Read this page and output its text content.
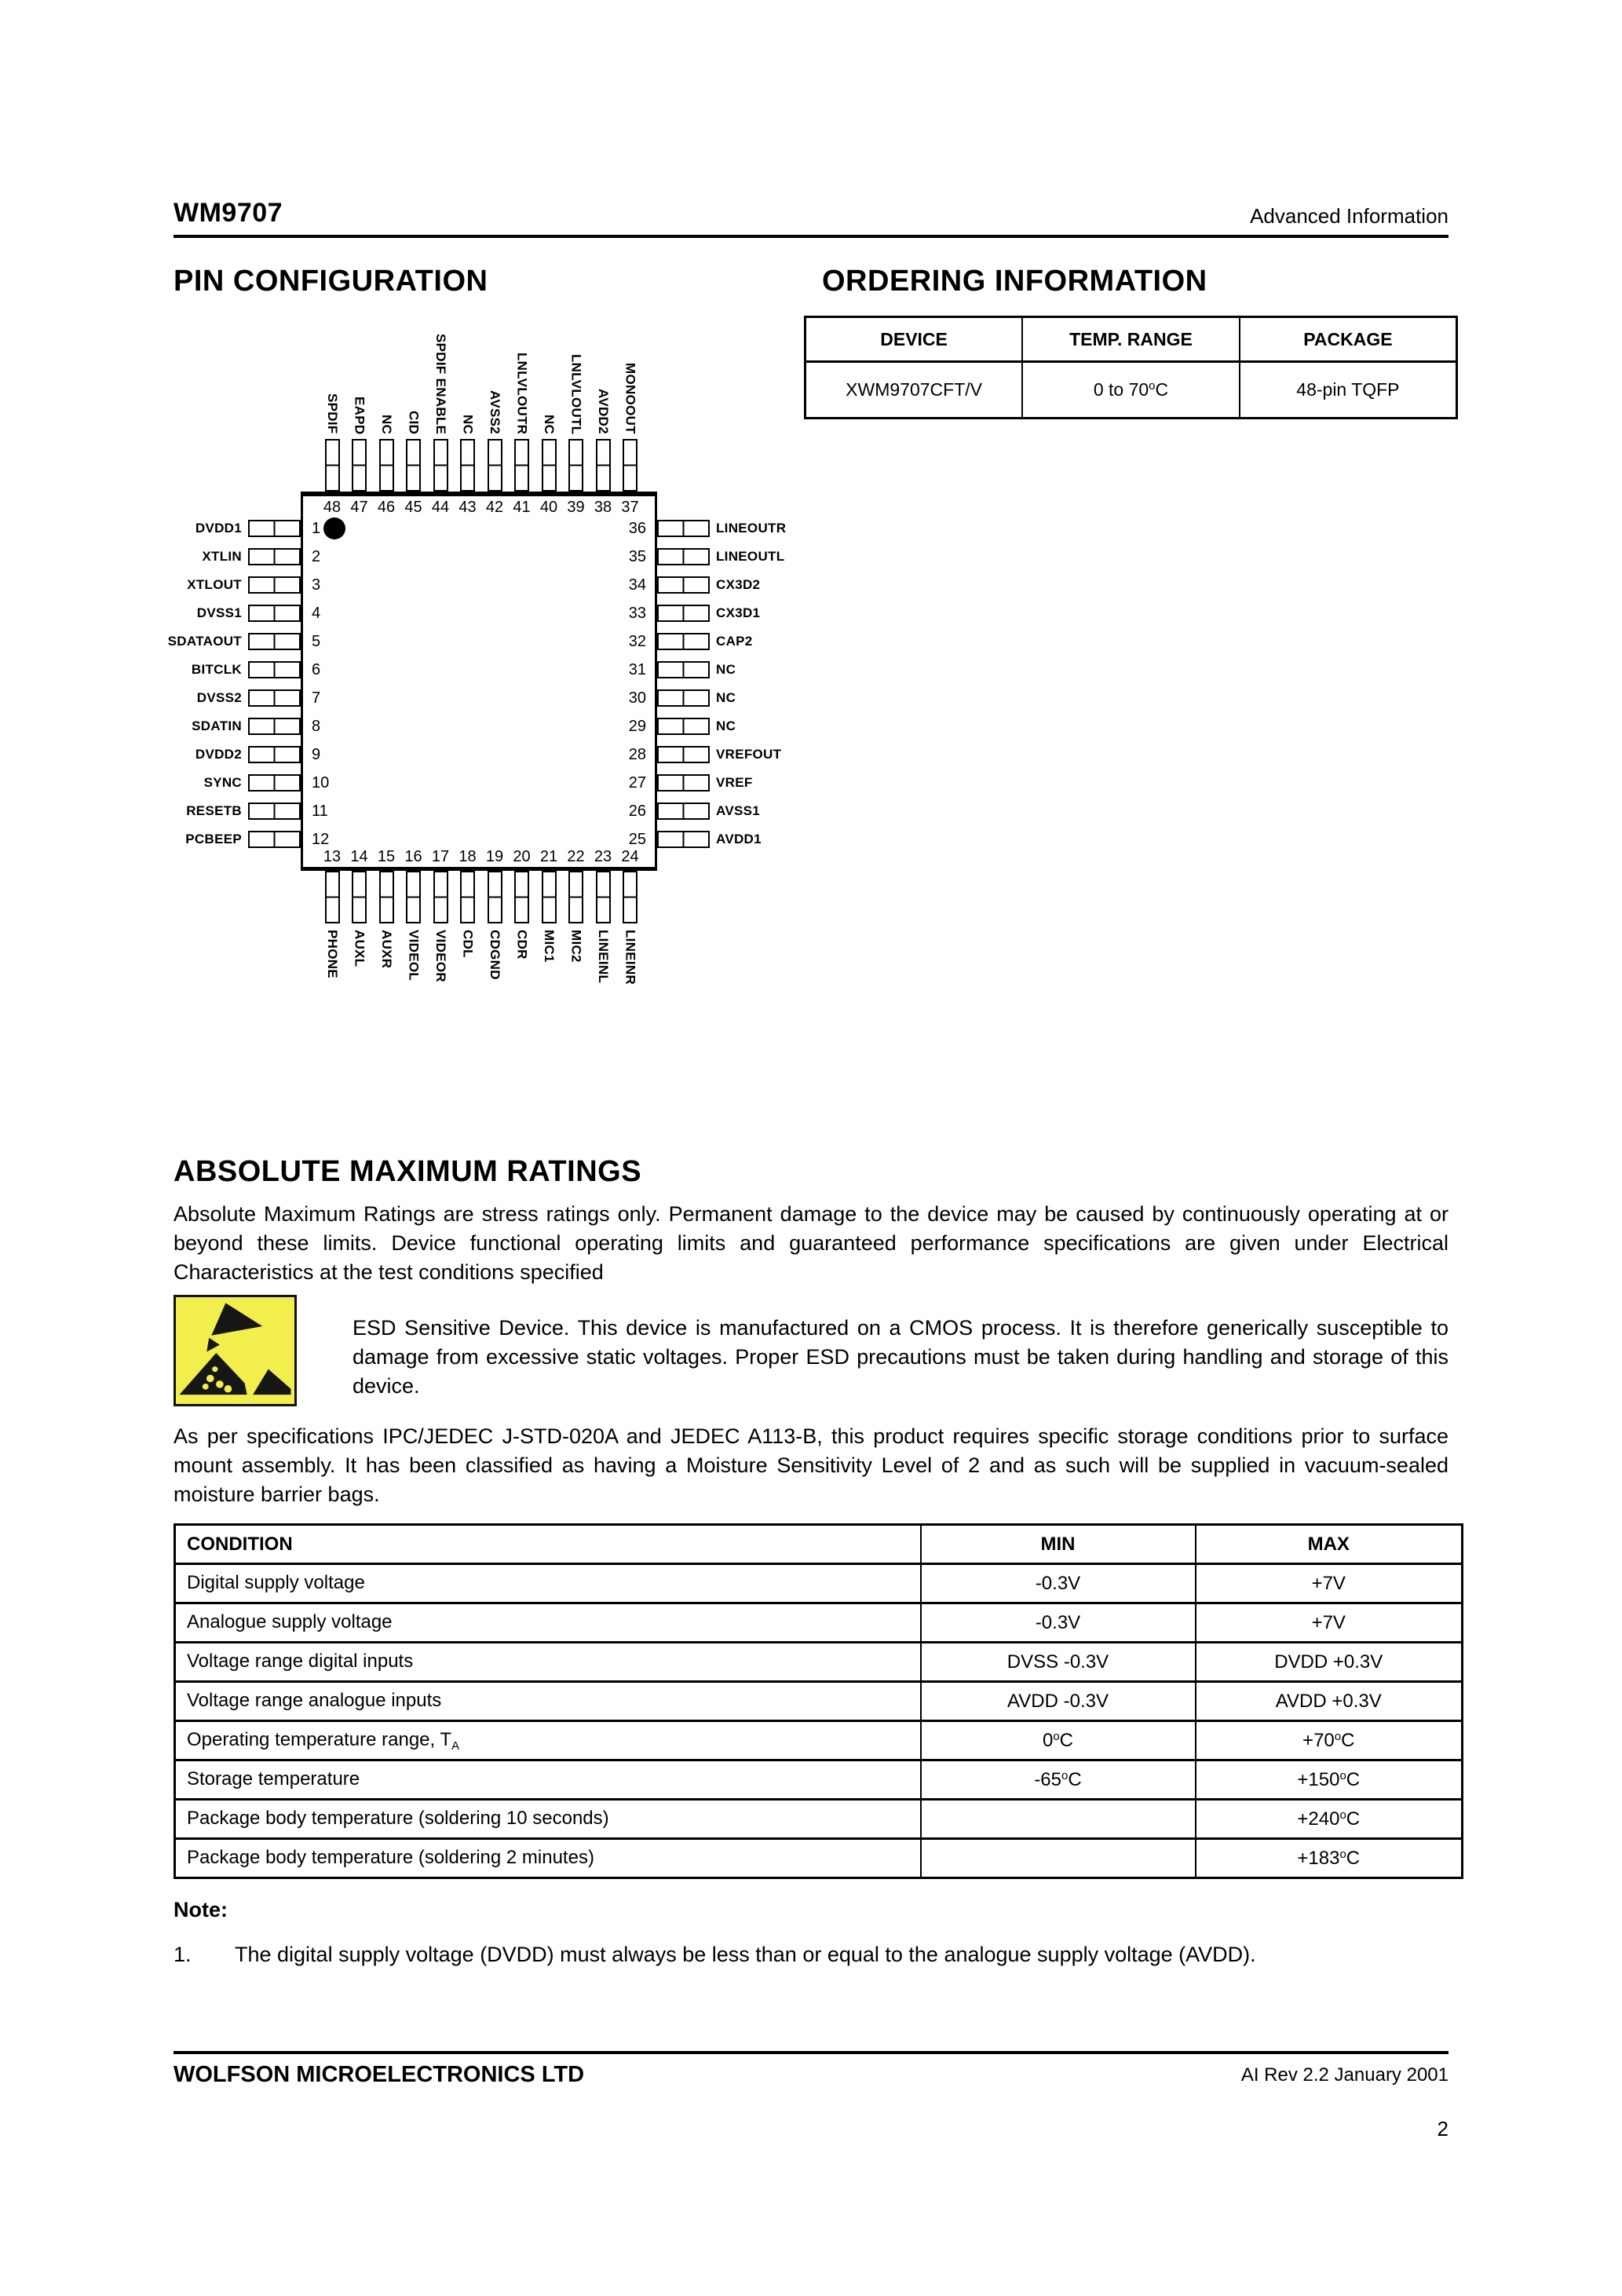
WM9707	Advanced Information
PIN CONFIGURATION	ORDERING INFORMATION
DEVICE	TEMP. RANGE	PACKAGE
XWM9707CFT/V	0 to 70$^o$C	48-pin TQFP
48
SPDIF
47
EAPD
46
NC
45
CID
44
SPDIF ENABLE
43
NC
42
AVSS2
41
LNLVLOUTR
40
NC
39
LNLVLOUTL
38
AVDD2
37
MONOOUT
13
PHONE
14
AUXL
15
AUXR
16
VIDEOL
17
VIDEOR
18
CDL
19
CDGND
20
CDR
21
MIC1
22
MIC2
23
LINEINL
24
LINEINR
1
DVDD1
2
XTLIN
3
XTLOUT
4
DVSS1
5
SDATAOUT
6
BITCLK
7
DVSS2
8
SDATIN
9
DVDD2
10
SYNC
11
RESETB
12
PCBEEP
36	LINEOUTR
35	LINEOUTL
34	CX3D2
33	CX3D1
32	CAP2
31	NC
30	NC
29	NC
28	VREFOUT
27	VREF
26	AVSS1
25	AVDD1
ABSOLUTE MAXIMUM RATINGS
Absolute Maximum Ratings are stress ratings only. Permanent damage to the device may be caused by continuously operating at or beyond these limits. Device functional operating limits and guaranteed performance specifications are given under Electrical Characteristics at the test conditions specified
ESD Sensitive Device. This device is manufactured on a CMOS process. It is therefore generically susceptible to damage from excessive static voltages. Proper ESD precautions must be taken during handling and storage of this device.
As per specifications IPC/JEDEC J-STD-020A and JEDEC A113-B, this product requires specific storage conditions prior to surface mount assembly. It has been classified as having a Moisture Sensitivity Level of 2 and as such will be supplied in vacuum-sealed moisture barrier bags.
CONDITION	MIN	MAX
Digital supply voltage	-0.3V	+7V
Analogue supply voltage	-0.3V	+7V
Voltage range digital inputs	DVSS -0.3V	DVDD +0.3V
Voltage range analogue inputs	AVDD -0.3V	AVDD +0.3V
Operating temperature range, $T_A$	$0^oC$	$+70^oC$
Storage temperature	$-65^oC$	$+150^oC$
Package body temperature (soldering 10 seconds)		$+240^oC$
Package body temperature (soldering 2 minutes)		$+183^oC$
Note:
1.	The digital supply voltage (DVDD) must always be less than or equal to the analogue supply voltage (AVDD).
WOLFSON MICROELECTRONICS LTD	AI Rev 2.2 January 2001
2
